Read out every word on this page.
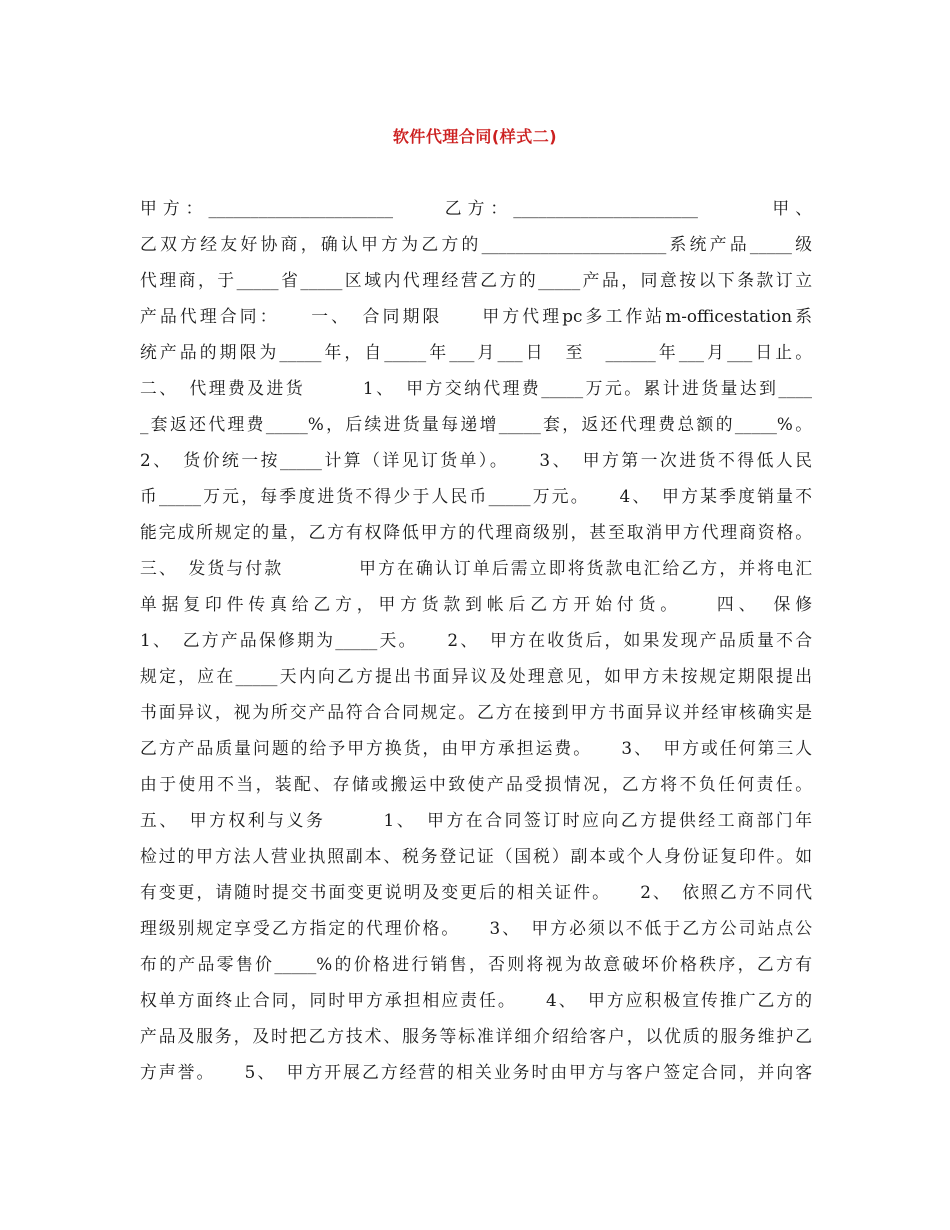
软件代理合同(样式二)
甲方：______________________　　乙方：______________________　　　甲、
乙双方经友好协商，确认甲方为乙方的______________________系统产品_____级
代理商，于_____省_____区域内代理经营乙方的_____产品，同意按以下条款订立
产品代理合同：　　一、　合同期限　　甲方代理pc多工作站m-officestation系
统产品的期限为_____年，自_____年___月___日　至　______年___月___日止。
二、　代理费及进货　　　1、　甲方交纳代理费_____万元。累计进货量达到____
_套返还代理费_____%，后续进货量每递增_____套，返还代理费总额的_____%。
2、　货价统一按_____计算（详见订货单）。　　3、　甲方第一次进货不得低人民
币_____万元，每季度进货不得少于人民币_____万元。　　4、　甲方某季度销量不
能完成所规定的量，乙方有权降低甲方的代理商级别，甚至取消甲方代理商资格。
三、　发货与付款　　　　甲方在确认订单后需立即将货款电汇给乙方，并将电汇
单据复印件传真给乙方，甲方货款到帐后乙方开始付货。　　四、　保修
1、　乙方产品保修期为_____天。　　2、　甲方在收货后，如果发现产品质量不合
规定，应在_____天内向乙方提出书面异议及处理意见，如甲方未按规定期限提出
书面异议，视为所交产品符合合同规定。乙方在接到甲方书面异议并经审核确实是
乙方产品质量问题的给予甲方换货，由甲方承担运费。　　3、　甲方或任何第三人
由于使用不当，装配、存储或搬运中致使产品受损情况，乙方将不负任何责任。
五、　甲方权利与义务　　　1、　甲方在合同签订时应向乙方提供经工商部门年
检过的甲方法人营业执照副本、税务登记证（国税）副本或个人身份证复印件。如
有变更，请随时提交书面变更说明及变更后的相关证件。　　2、　依照乙方不同代
理级别规定享受乙方指定的代理价格。　　3、　甲方必须以不低于乙方公司站点公
布的产品零售价_____%的价格进行销售，否则将视为故意破坏价格秩序，乙方有
权单方面终止合同，同时甲方承担相应责任。　　4、　甲方应积极宣传推广乙方的
产品及服务，及时把乙方技术、服务等标准详细介绍给客户，以优质的服务维护乙
方声誉。　　5、　甲方开展乙方经营的相关业务时由甲方与客户签定合同，并向客
